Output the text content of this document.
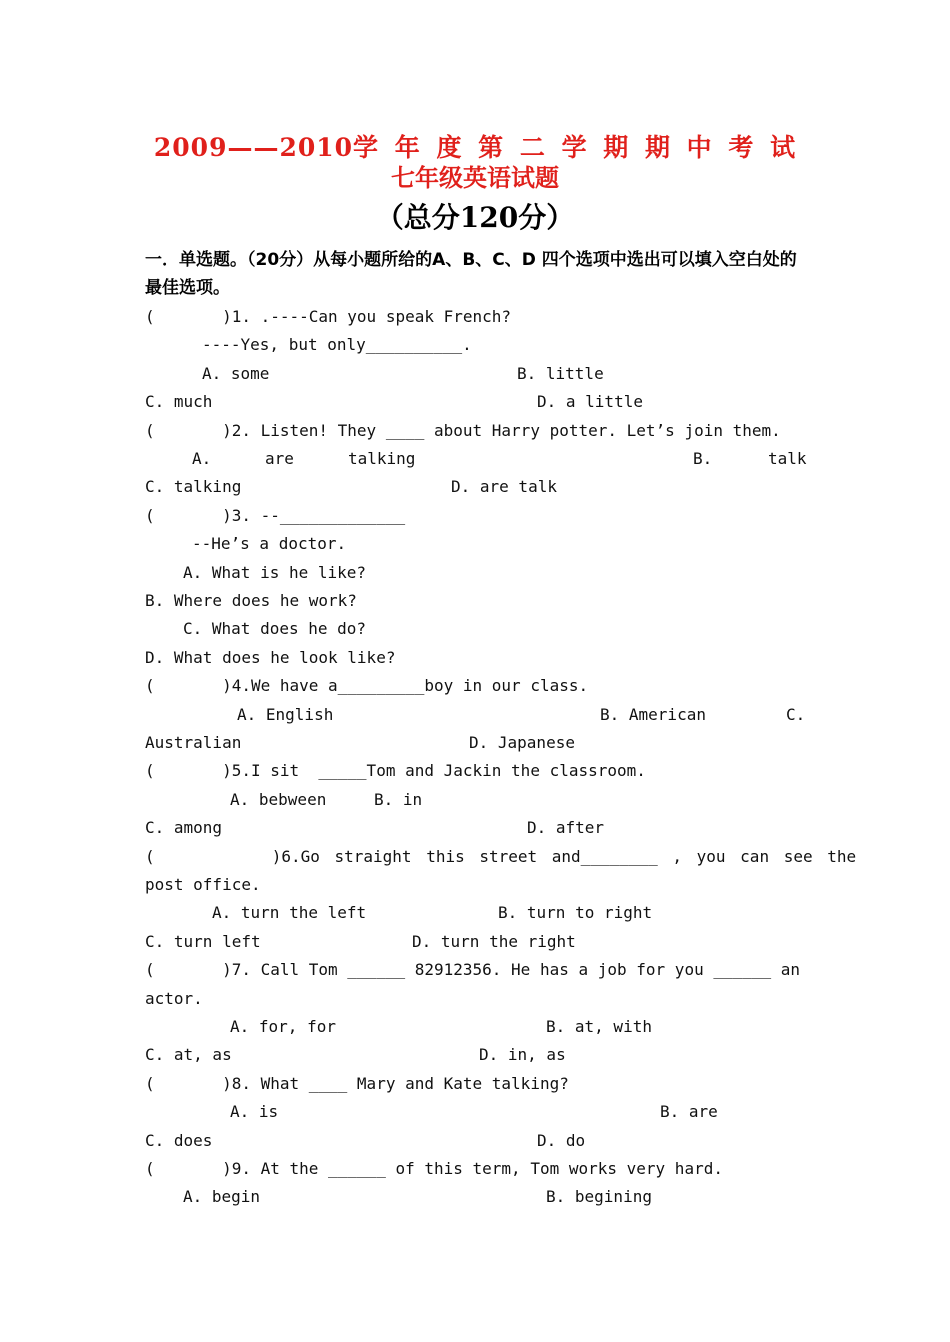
2009——2010学 年 度 第 二 学 期 期 中 考 试
七年级英语试题
（总分120分）
一．单选题。（20分）从每小题所给的A、B、C、D 四个选项中选出可以填入空白处的最佳选项。
(       )1. .----Can you speak French?
----Yes, but only__________.
A. some	B. little
C. much	D. a little
(       )2. Listen! They ____ about Harry potter. Let’s join them.
A.	are	talking	B.	talk
C. talking	D. are talk
(       )3. --_____________
--He’s a doctor.
A. What is he like?
B. Where does he work?
C. What does he do?
D. What does he look like?
(       )4.We have a_________boy in our class.
A. English	B. American	C.
Australian	D. Japanese
(       )5.I sit  _____Tom and Jackin the classroom.
A. bebween	B. in
C. among	D. after
(        )6.Go straight this street and________ , you can see the
post office.
A. turn the left	B. turn to right
C. turn left	D. turn the right
(       )7. Call Tom ______ 82912356. He has a job for you ______ an
actor.
A. for, for	B. at, with
C. at, as	D. in, as
(       )8. What ____ Mary and Kate talking?
A. is	B. are
C. does	D. do
(       )9. At the ______ of this term, Tom works very hard.
A. begin	B. begining
